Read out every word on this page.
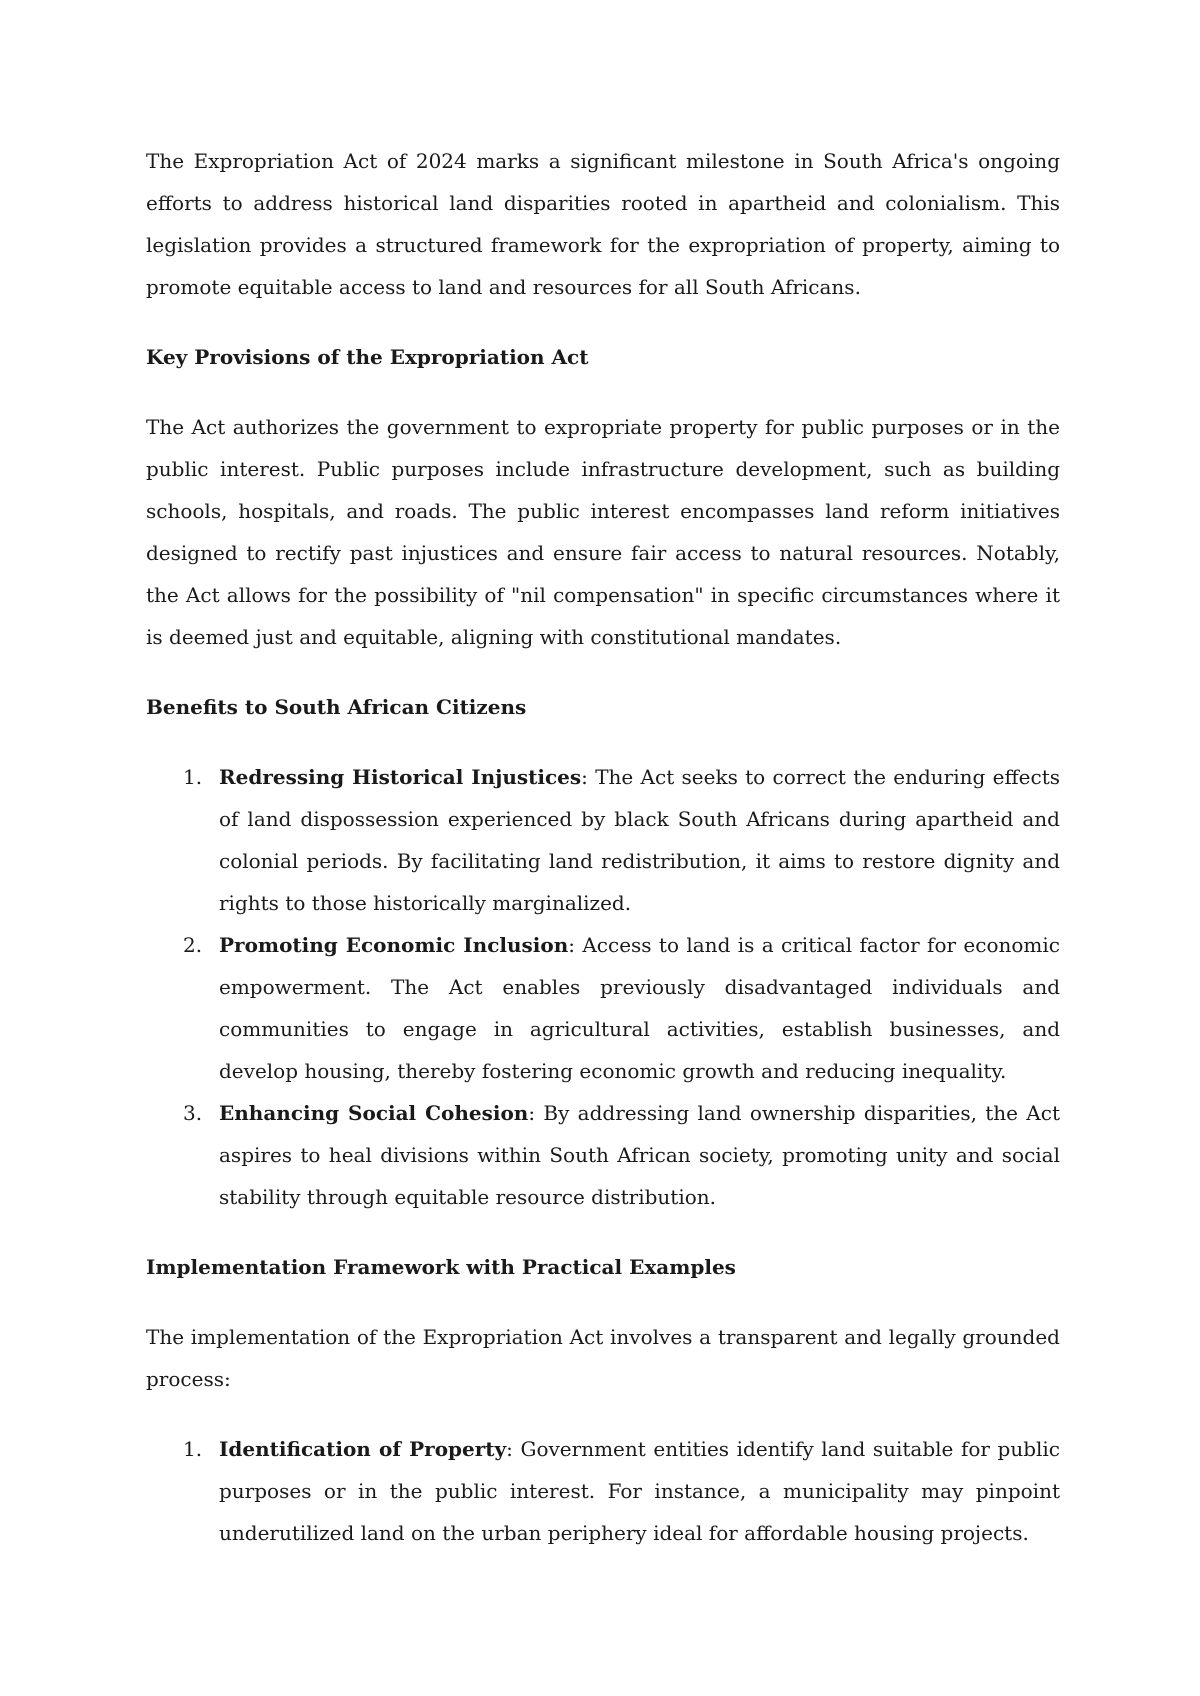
The Expropriation Act of 2024 marks a significant milestone in South Africa's ongoing efforts to address historical land disparities rooted in apartheid and colonialism. This legislation provides a structured framework for the expropriation of property, aiming to promote equitable access to land and resources for all South Africans.

Key Provisions of the Expropriation Act

The Act authorizes the government to expropriate property for public purposes or in the public interest. Public purposes include infrastructure development, such as building schools, hospitals, and roads. The public interest encompasses land reform initiatives designed to rectify past injustices and ensure fair access to natural resources. Notably, the Act allows for the possibility of "nil compensation" in specific circumstances where it is deemed just and equitable, aligning with constitutional mandates.

Benefits to South African Citizens

1. Redressing Historical Injustices: The Act seeks to correct the enduring effects of land dispossession experienced by black South Africans during apartheid and colonial periods. By facilitating land redistribution, it aims to restore dignity and rights to those historically marginalized.
2. Promoting Economic Inclusion: Access to land is a critical factor for economic empowerment. The Act enables previously disadvantaged individuals and communities to engage in agricultural activities, establish businesses, and develop housing, thereby fostering economic growth and reducing inequality.
3. Enhancing Social Cohesion: By addressing land ownership disparities, the Act aspires to heal divisions within South African society, promoting unity and social stability through equitable resource distribution.

Implementation Framework with Practical Examples

The implementation of the Expropriation Act involves a transparent and legally grounded process:

1. Identification of Property: Government entities identify land suitable for public purposes or in the public interest. For instance, a municipality may pinpoint underutilized land on the urban periphery ideal for affordable housing projects.
